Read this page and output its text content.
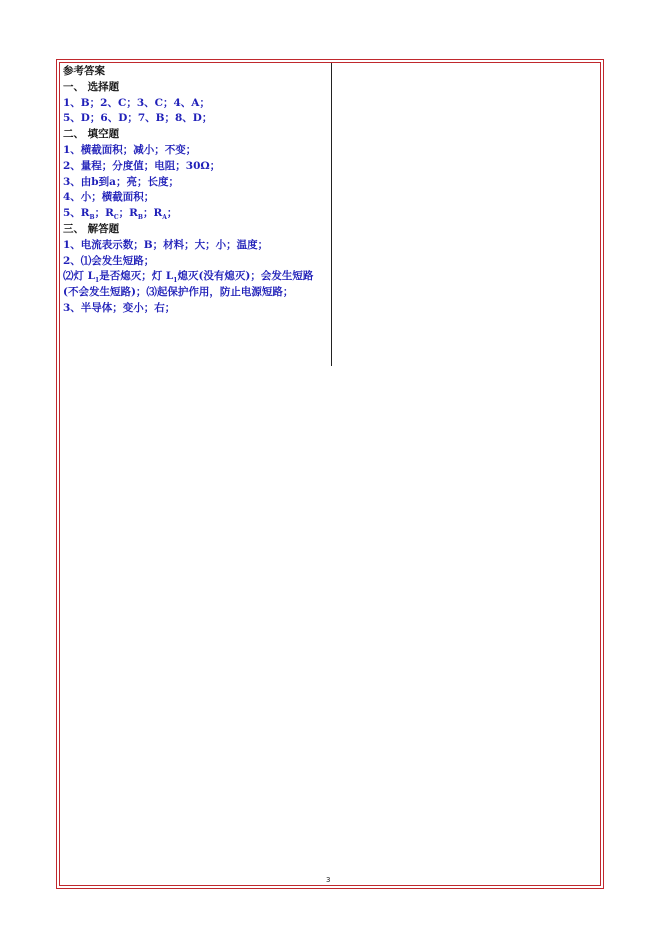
参考答案
一、 选择题
1、B；2、C；3、C；4、A；
5、D；6、D；7、B；8、D；
二、 填空题
1、横截面积；减小；不变；
2、量程；分度值；电阻；30Ω；
3、由b到a；亮；长度；
4、小；横截面积；
5、$R_B$；$R_C$；$R_B$；$R_A$；
三、 解答题
1、电流表示数；B；材料；大；小；温度；
2、⑴会发生短路；
⑵灯 $L_1$是否熄灭；灯 $L_1$熄灭(没有熄灭)；会发生短路(不会发生短路)；⑶起保护作用，防止电源短路；
3、半导体；变小；右；
3
